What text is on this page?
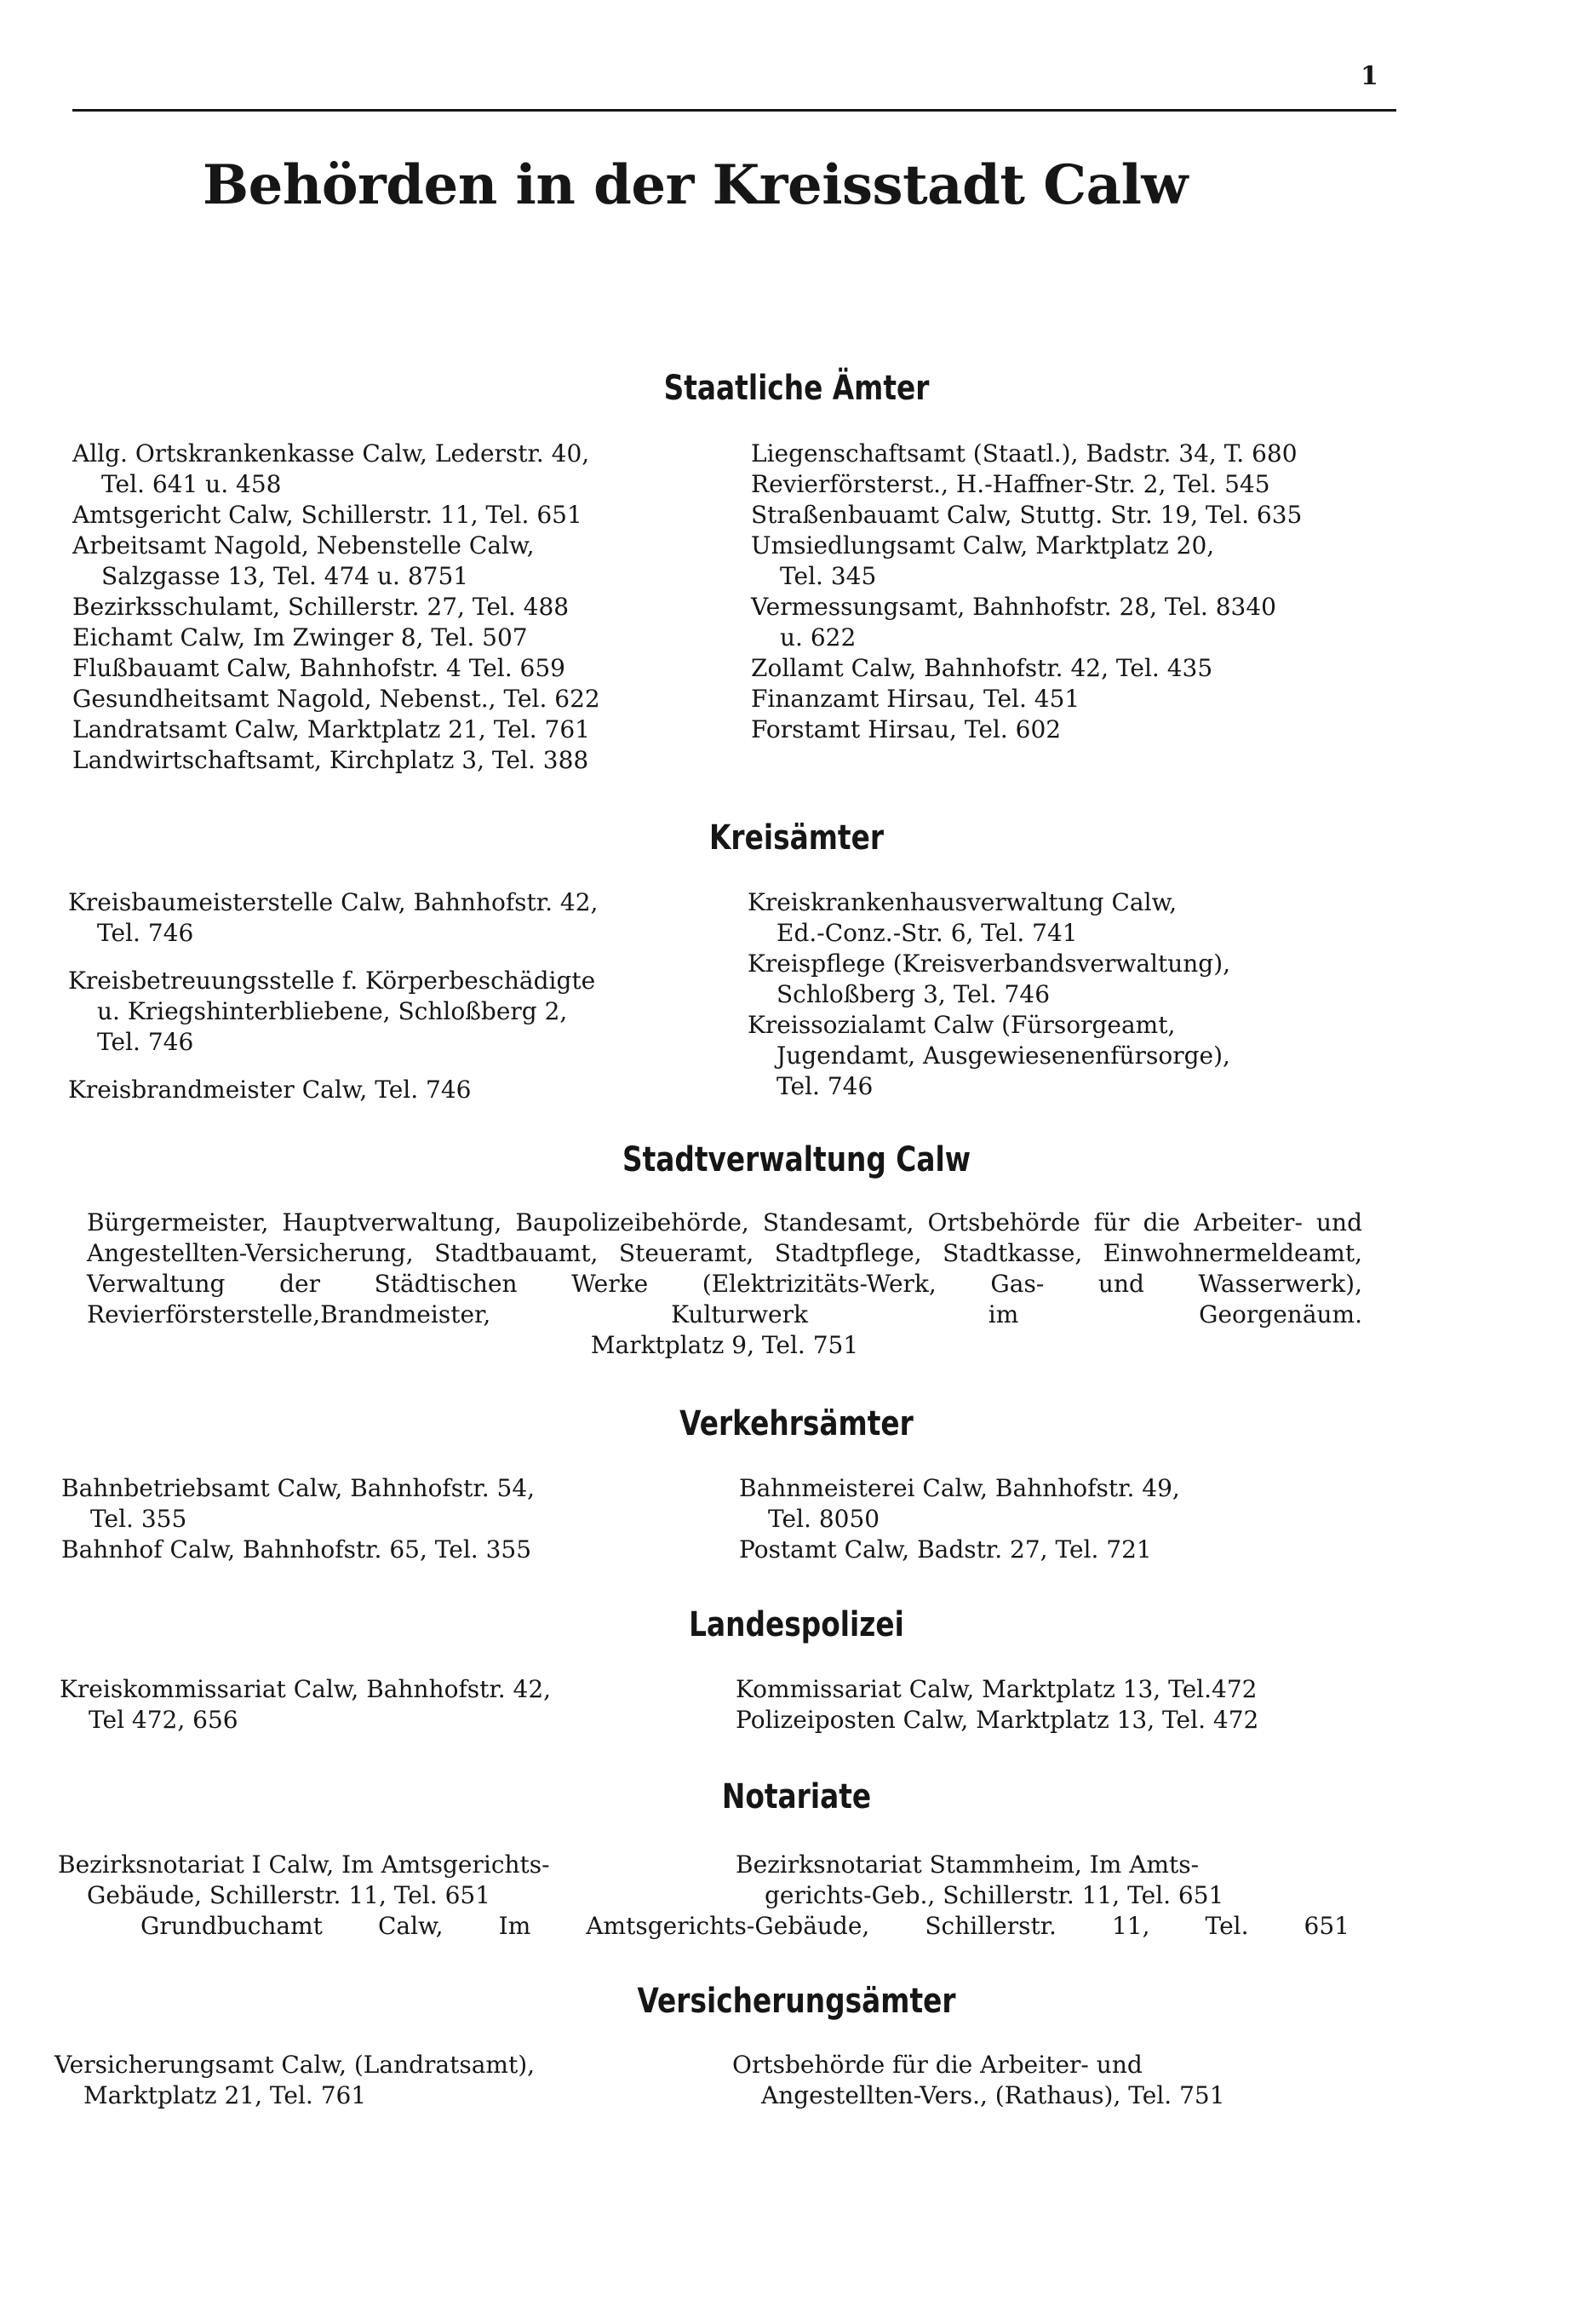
1
Behörden in der Kreisstadt Calw
Staatliche Ämter
Allg. Ortskrankenkasse Calw, Lederstr. 40,
Tel. 641 u. 458
Amtsgericht Calw, Schillerstr. 11, Tel. 651
Arbeitsamt Nagold, Nebenstelle Calw,
Salzgasse 13, Tel. 474 u. 8751
Bezirksschulamt, Schillerstr. 27, Tel. 488
Eichamt Calw, Im Zwinger 8, Tel. 507
Flußbauamt Calw, Bahnhofstr. 4 Tel. 659
Gesundheitsamt Nagold, Nebenst., Tel. 622
Landratsamt Calw, Marktplatz 21, Tel. 761
Landwirtschaftsamt, Kirchplatz 3, Tel. 388
Liegenschaftsamt (Staatl.), Badstr. 34, T. 680
Revierförsterst., H.-Haffner-Str. 2, Tel. 545
Straßenbauamt Calw, Stuttg. Str. 19, Tel. 635
Umsiedlungsamt Calw, Marktplatz 20,
Tel. 345
Vermessungsamt, Bahnhofstr. 28, Tel. 8340
u. 622
Zollamt Calw, Bahnhofstr. 42, Tel. 435
Finanzamt Hirsau, Tel. 451
Forstamt Hirsau, Tel. 602
Kreisämter
Kreisbaumeisterstelle Calw, Bahnhofstr. 42,
Tel. 746
Kreisbetreuungsstelle f. Körperbeschädigte
u. Kriegshinterbliebene, Schloßberg 2,
Tel. 746
Kreisbrandmeister Calw, Tel. 746
Kreiskrankenhausverwaltung Calw,
Ed.-Conz.-Str. 6, Tel. 741
Kreispflege (Kreisverbandsverwaltung),
Schloßberg 3, Tel. 746
Kreissozialamt Calw (Fürsorgeamt,
Jugendamt, Ausgewiesenenfürsorge),
Tel. 746
Stadtverwaltung Calw
Bürgermeister, Hauptverwaltung, Baupolizeibehörde, Standesamt, Ortsbehörde für die Arbeiter- und Angestellten-Versicherung, Stadtbauamt, Steueramt, Stadtpflege, Stadtkasse, Einwohnermeldeamt, Verwaltung der Städtischen Werke (Elektrizitäts-Werk, Gas- und Wasserwerk), Revierförsterstelle,Brandmeister, Kulturwerk im Georgenäum.
Marktplatz 9, Tel. 751
Verkehrsämter
Bahnbetriebsamt Calw, Bahnhofstr. 54,
Tel. 355
Bahnhof Calw, Bahnhofstr. 65, Tel. 355
Bahnmeisterei Calw, Bahnhofstr. 49,
Tel. 8050
Postamt Calw, Badstr. 27, Tel. 721
Landespolizei
Kreiskommissariat Calw, Bahnhofstr. 42,
Tel 472, 656
Kommissariat Calw, Marktplatz 13, Tel.472
Polizeiposten Calw, Marktplatz 13, Tel. 472
Notariate
Bezirksnotariat I Calw, Im Amtsgerichts-
Gebäude, Schillerstr. 11, Tel. 651
Bezirksnotariat Stammheim, Im Amts-
gerichts-Geb., Schillerstr. 11, Tel. 651
Grundbuchamt Calw, Im Amtsgerichts-Gebäude, Schillerstr. 11, Tel. 651
Versicherungsämter
Versicherungsamt Calw, (Landratsamt),
Marktplatz 21, Tel. 761
Ortsbehörde für die Arbeiter- und
Angestellten-Vers., (Rathaus), Tel. 751
